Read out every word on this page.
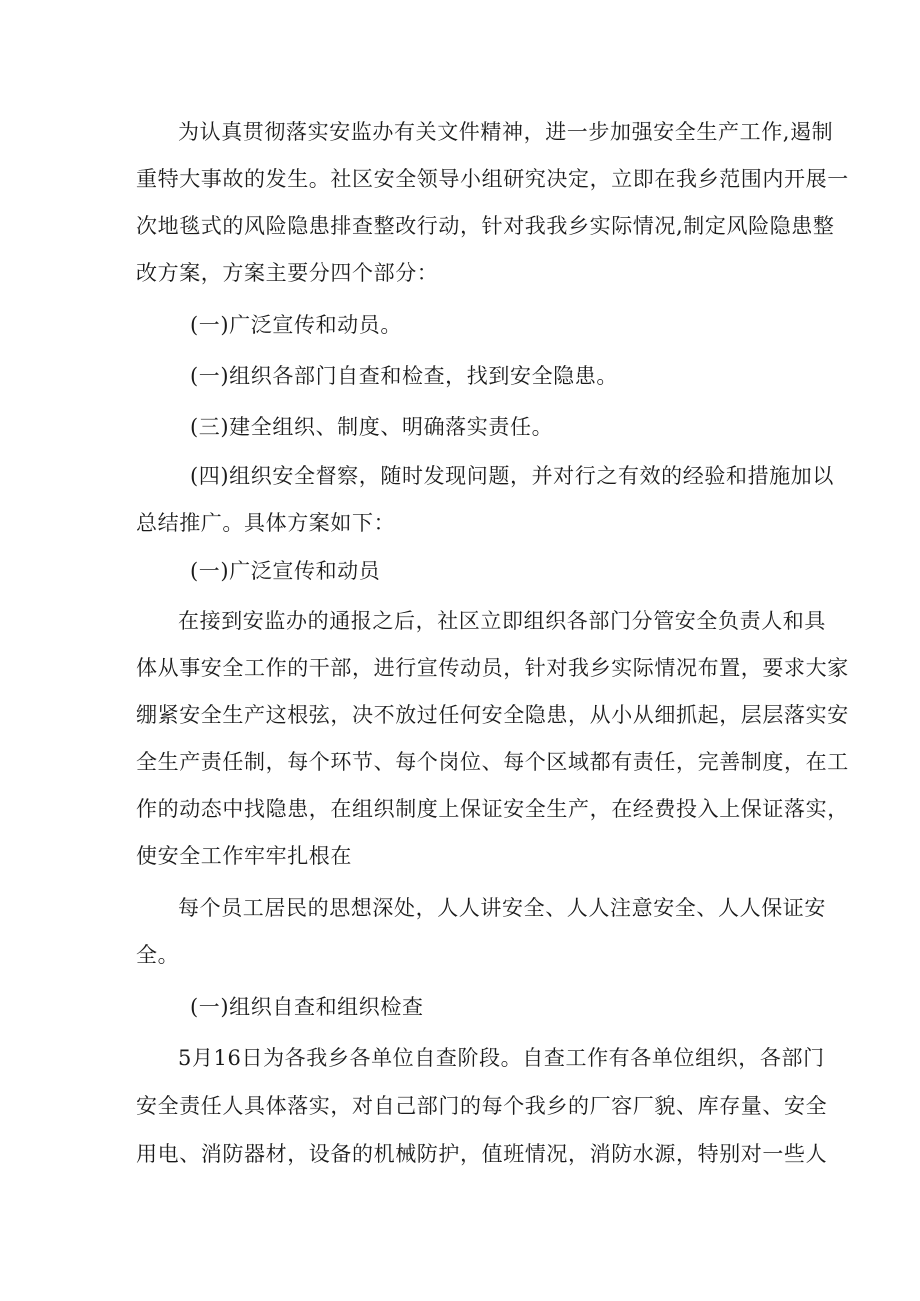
为认真贯彻落实安监办有关文件精神，进一步加强安全生产工作,遏制
重特大事故的发生。社区安全领导小组研究决定，立即在我乡范围内开展一
次地毯式的风险隐患排查整改行动，针对我我乡实际情况,制定风险隐患整
改方案，方案主要分四个部分：
(一)广泛宣传和动员。
(一)组织各部门自查和检查，找到安全隐患。
(三)建全组织、制度、明确落实责任。
(四)组织安全督察，随时发现问题，并对行之有效的经验和措施加以
总结推广。具体方案如下：
(一)广泛宣传和动员
在接到安监办的通报之后，社区立即组织各部门分管安全负责人和具
体从事安全工作的干部，进行宣传动员，针对我乡实际情况布置，要求大家
绷紧安全生产这根弦，决不放过任何安全隐患，从小从细抓起，层层落实安
全生产责任制，每个环节、每个岗位、每个区域都有责任，完善制度，在工
作的动态中找隐患，在组织制度上保证安全生产，在经费投入上保证落实，
使安全工作牢牢扎根在
每个员工居民的思想深处，人人讲安全、人人注意安全、人人保证安
全。
(一)组织自查和组织检查
5月16日为各我乡各单位自查阶段。自查工作有各单位组织，各部门
安全责任人具体落实，对自己部门的每个我乡的厂容厂貌、库存量、安全
用电、消防器材，设备的机械防护，值班情况，消防水源，特别对一些人
